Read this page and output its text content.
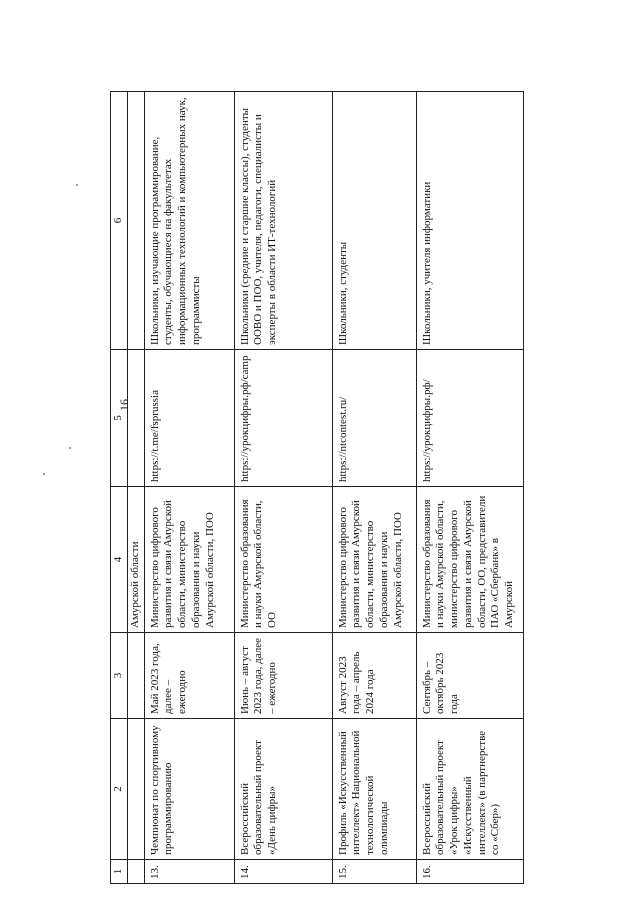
16
1	2	3	4	5	6
			Амурской области		
13.	Чемпионат по спортивному программированию	Май 2023 года, далее – ежегодно	Министерство цифрового развития и связи Амурской области, министерство образования и науки Амурской области, ПОО	https://t.me/fsprussia	Школьники, изучающие программирование, студенты, обучающиеся на факультетах информационных технологий и компьютерных наук, программисты
14.	Всероссийский образовательный проект «День цифры»	Июнь – август 2023 года, далее – ежегодно	Министерство образования и науки Амурской области, ОО	https://урокцифры.рф/camp	Школьники (средние и старшие классы), студенты ООВО и ПОО, учителя, педагоги, специалисты и эксперты в области ИТ-технологий
15.	Профиль «Искусственный интеллект» Национальной технологической олимпиады	Август 2023 года – апрель 2024 года	Министерство цифрового развития и связи Амурской области, министерство образования и науки Амурской области, ПОО	https://ntcontest.ru/	Школьники, студенты
16.	Всероссийский образовательный проект «Урок цифры» «Искусственный интеллект» (в партнерстве со «Сбер»)	Сентябрь – октябрь 2023 года	Министерство образования и науки Амурской области, министерство цифрового развития и связи Амурской области, ОО, представители ПАО «Сбербанк» в Амурской	https://урокцифры.рф/	Школьники, учителя информатики
